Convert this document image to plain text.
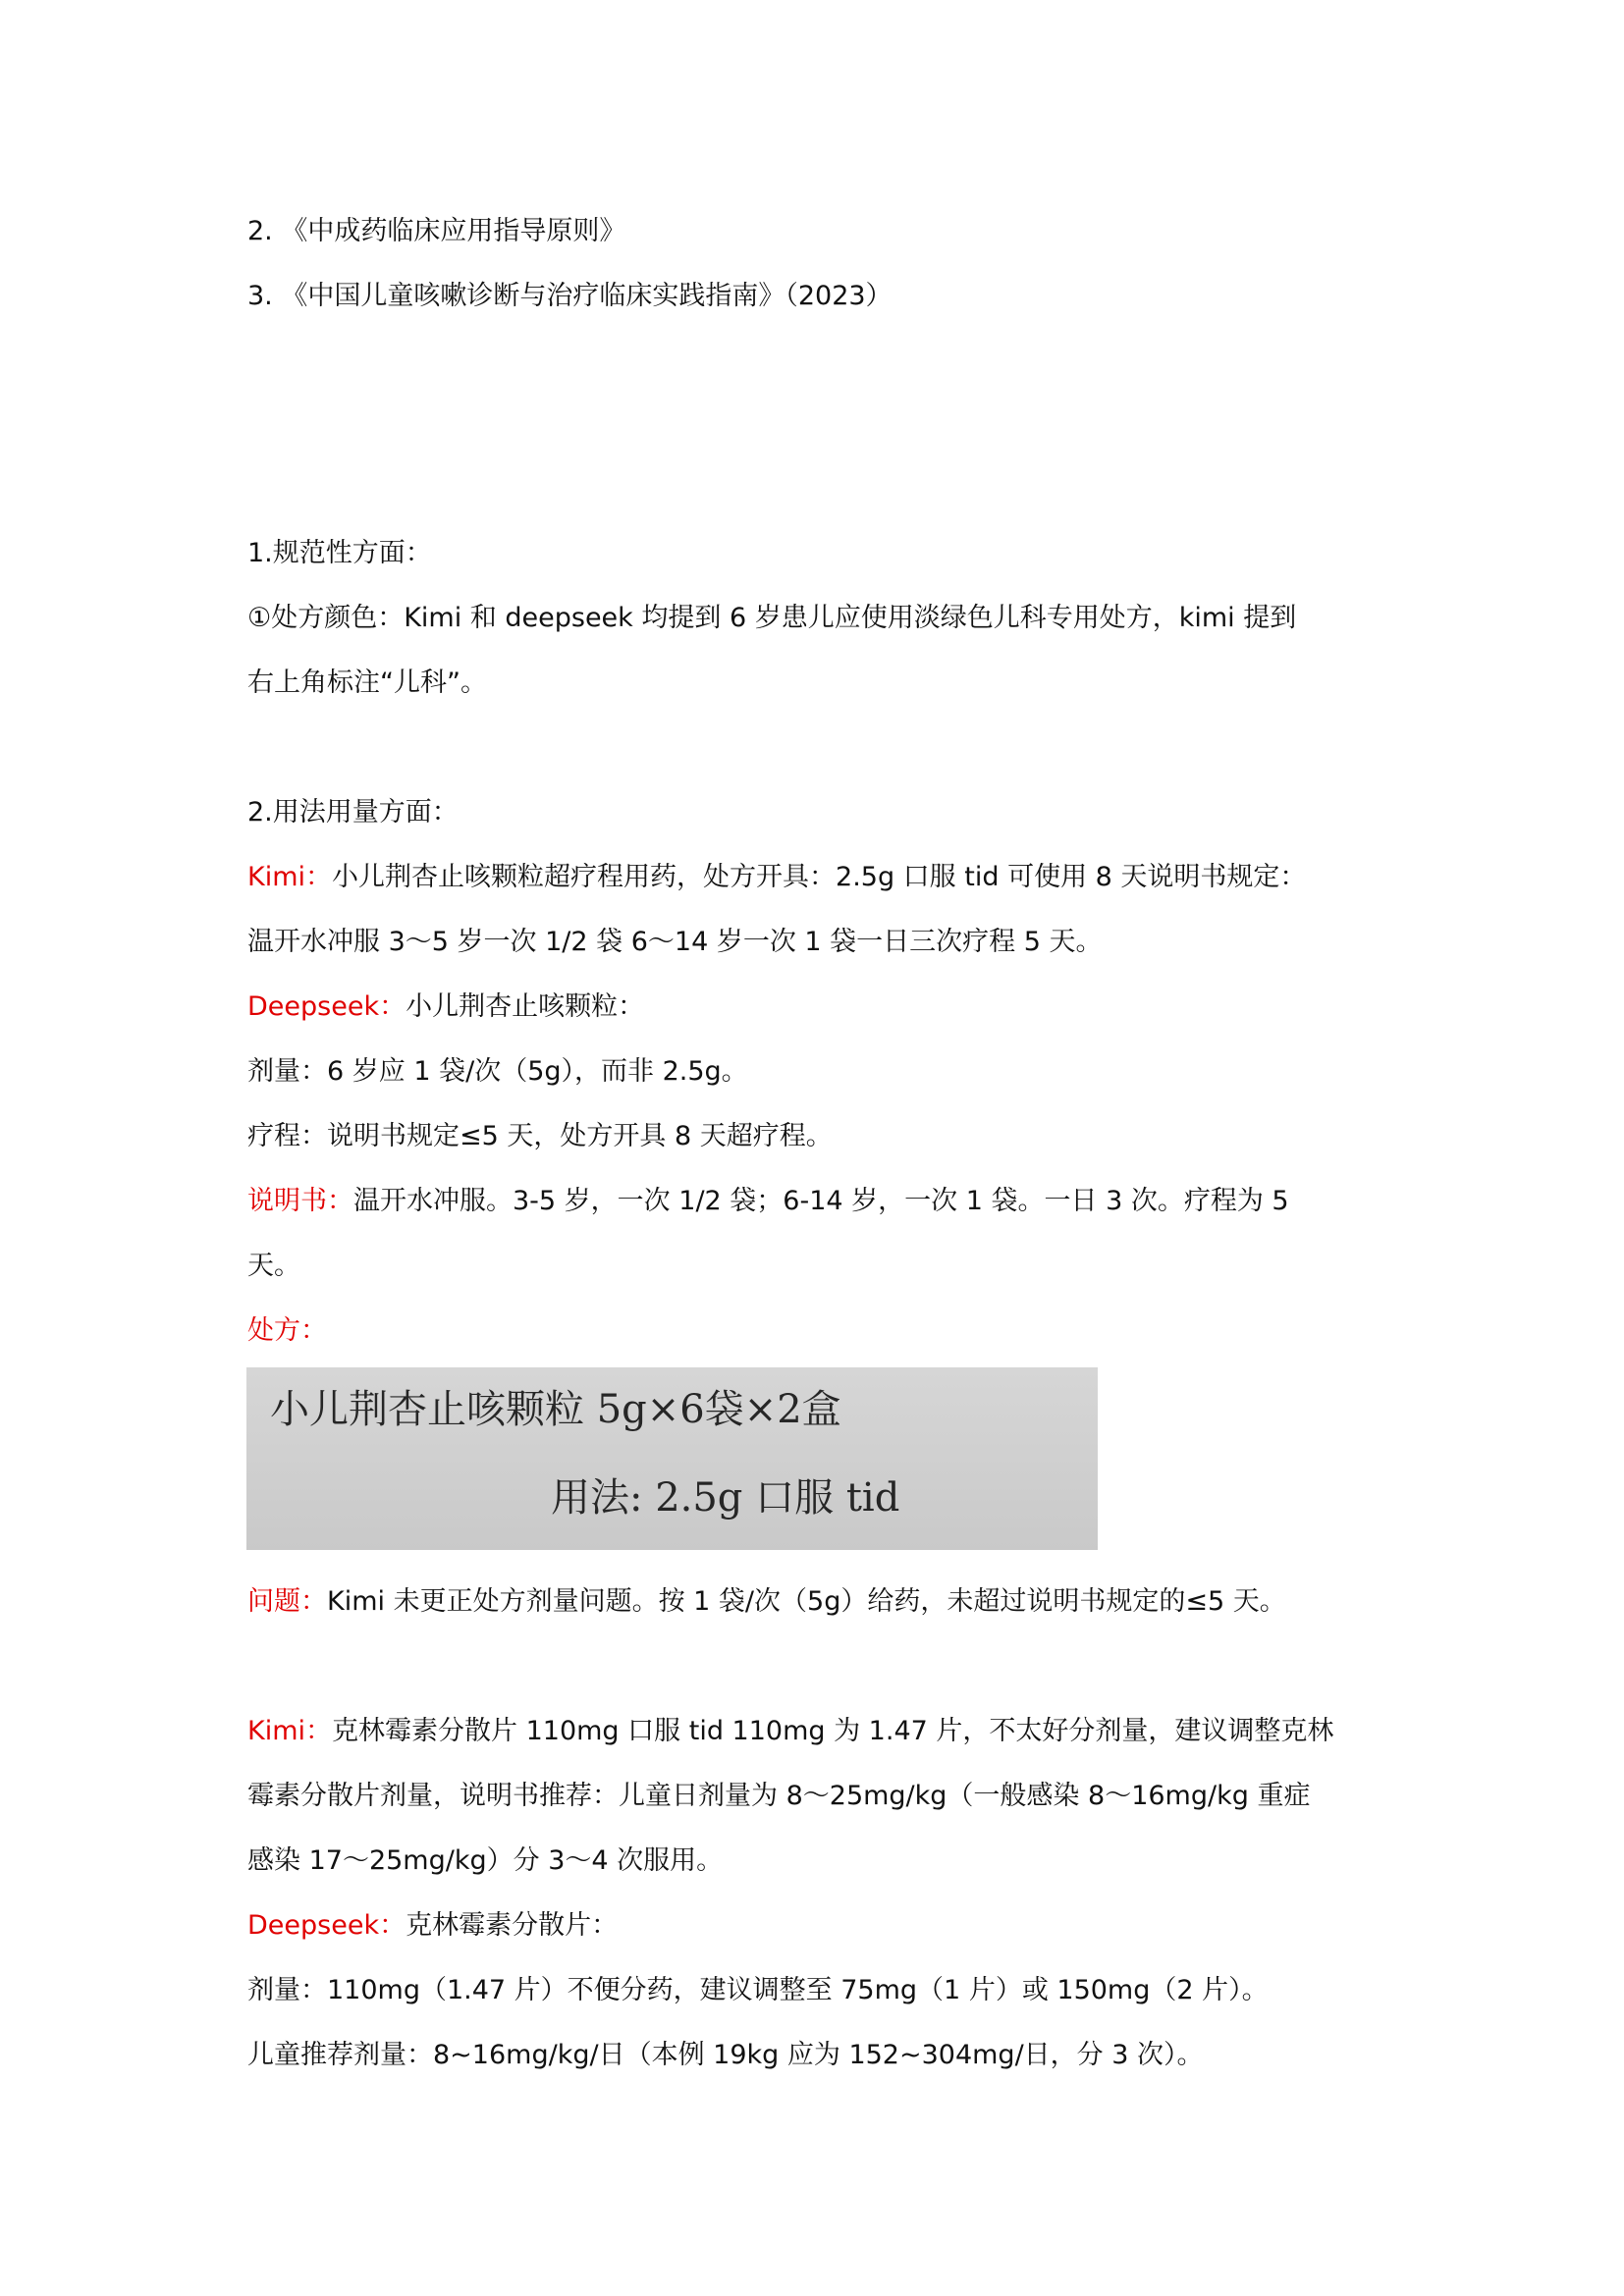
2. 《中成药临床应用指导原则》
3. 《中国儿童咳嗽诊断与治疗临床实践指南》（2023）
1.规范性方面：
①处方颜色：Kimi 和 deepseek 均提到 6 岁患儿应使用淡绿色儿科专用处方，kimi 提到
右上角标注“儿科”。
2.用法用量方面：
Kimi：小儿荆杏止咳颗粒超疗程用药，处方开具：2.5g 口服 tid 可使用 8 天说明书规定：
温开水冲服 3～5 岁一次 1/2 袋 6～14 岁一次 1 袋一日三次疗程 5 天。
Deepseek：小儿荆杏止咳颗粒：
剂量：6 岁应 1 袋/次（5g），而非 2.5g。
疗程：说明书规定≤5 天，处方开具 8 天超疗程。
说明书：温开水冲服。3-5 岁，一次 1/2 袋；6-14 岁，一次 1 袋。一日 3 次。疗程为 5
天。
处方：
小儿荆杏止咳颗粒 5g×6袋×2盒
用法: 2.5g 口服 tid
问题：Kimi 未更正处方剂量问题。按 1 袋/次（5g）给药，未超过说明书规定的≤5 天。
Kimi：克林霉素分散片 110mg 口服 tid 110mg 为 1.47 片，不太好分剂量，建议调整克林
霉素分散片剂量，说明书推荐：儿童日剂量为 8～25mg/kg（一般感染 8～16mg/kg 重症
感染 17～25mg/kg）分 3～4 次服用。
Deepseek：克林霉素分散片：
剂量：110mg（1.47 片）不便分药，建议调整至 75mg（1 片）或 150mg（2 片）。
儿童推荐剂量：8~16mg/kg/日（本例 19kg 应为 152~304mg/日，分 3 次）。
